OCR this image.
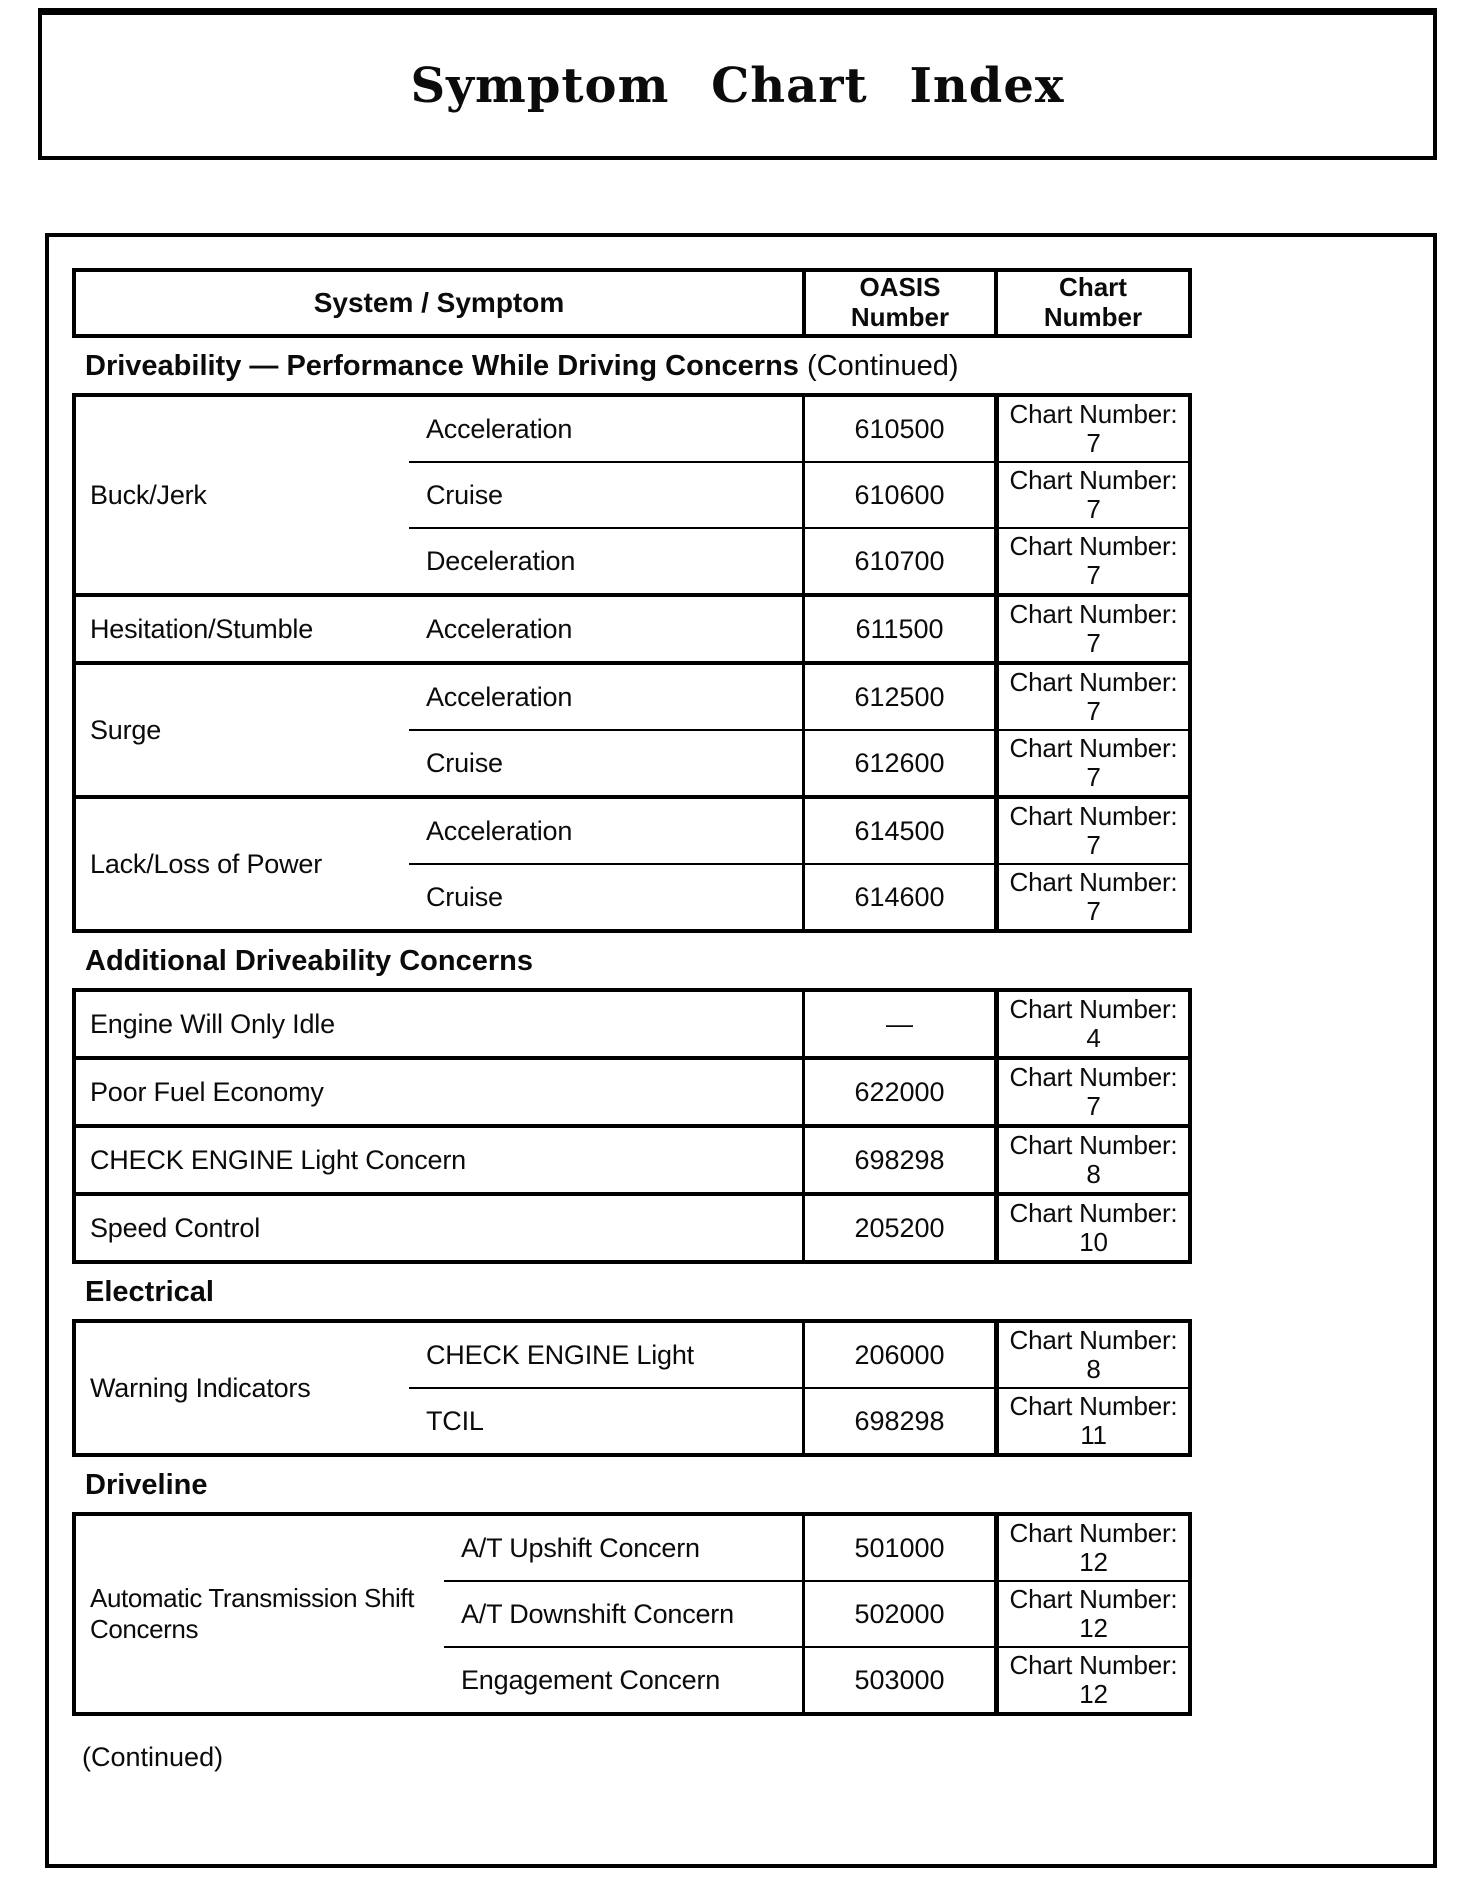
Symptom Chart Index
System / Symptom	OASIS
Number
Chart
Number
Driveability — Performance While Driving Concerns (Continued)
Buck/Jerk
Acceleration	610500	Chart Number:
7
Cruise	610600	Chart Number:
7
Deceleration	610700	Chart Number:
7
Hesitation/Stumble	Acceleration	611500	Chart Number:
7
Surge
Acceleration	612500	Chart Number:
7
Cruise	612600	Chart Number:
7
Lack/Loss of Power
Acceleration	614500	Chart Number:
7
Cruise	614600	Chart Number:
7
Additional Driveability Concerns
Engine Will Only Idle	—	Chart Number:
4
Poor Fuel Economy	622000	Chart Number:
7
CHECK ENGINE Light Concern	698298	Chart Number:
8
Speed Control	205200	Chart Number:
10
Electrical
Warning Indicators
CHECK ENGINE Light	206000	Chart Number:
8
TCIL	698298	Chart Number:
11
Driveline
Automatic Transmission Shift Concerns
A/T Upshift Concern	501000	Chart Number:
12
A/T Downshift Concern	502000	Chart Number:
12
Engagement Concern	503000	Chart Number:
12
(Continued)
